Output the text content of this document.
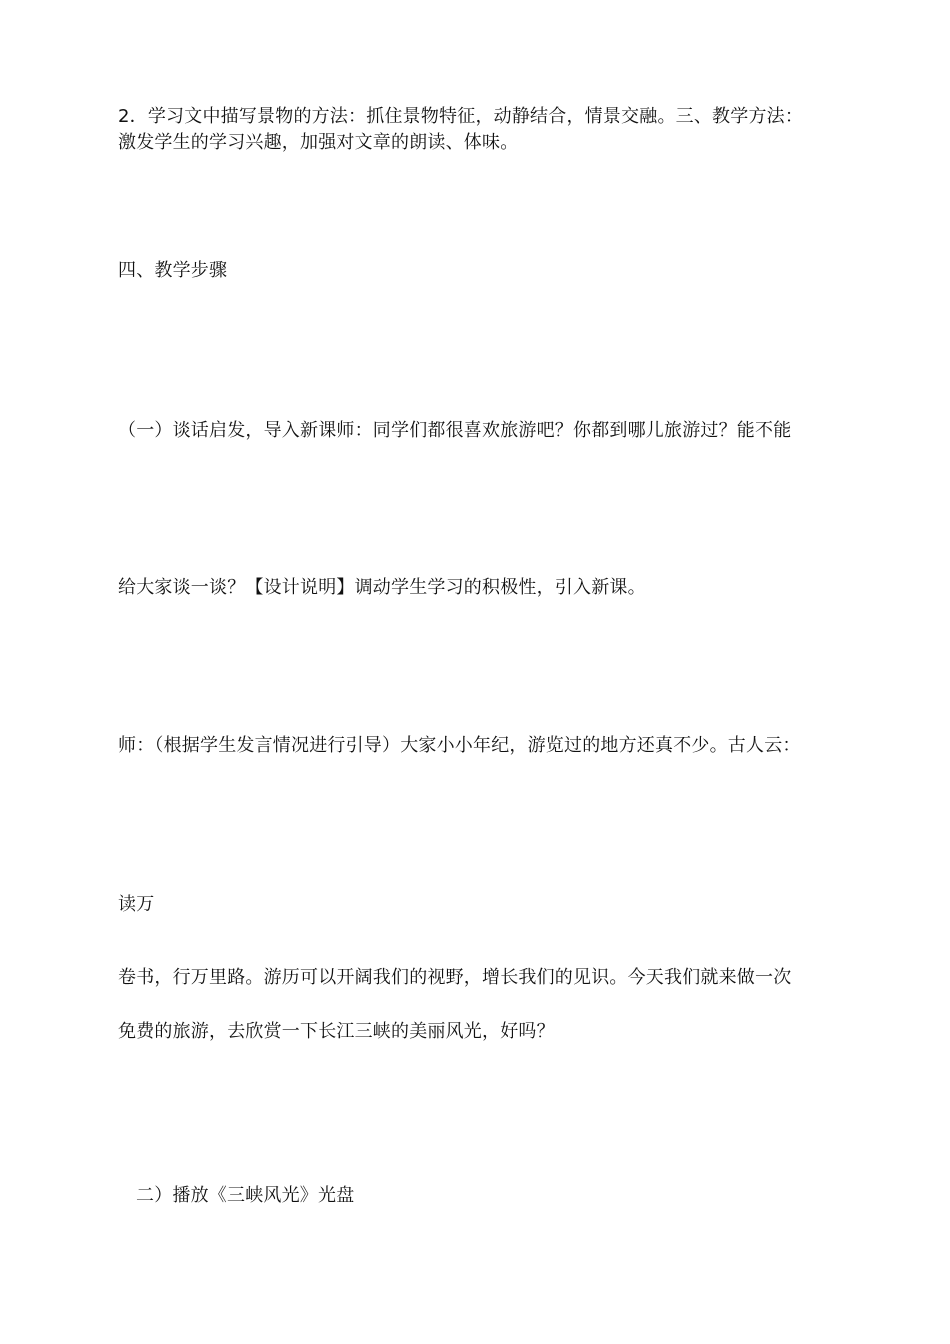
2．学习文中描写景物的方法：抓住景物特征，动静结合，情景交融。三、教学方法：
激发学生的学习兴趣，加强对文章的朗读、体味。
四、教学步骤
（一）谈话启发，导入新课师：同学们都很喜欢旅游吧？你都到哪儿旅游过？能不能
给大家谈一谈？【设计说明】调动学生学习的积极性，引入新课。
师：（根据学生发言情况进行引导）大家小小年纪，游览过的地方还真不少。古人云：
读万
卷书，行万里路。游历可以开阔我们的视野，增长我们的见识。今天我们就来做一次
免费的旅游，去欣赏一下长江三峡的美丽风光，好吗？
二）播放《三峡风光》光盘
